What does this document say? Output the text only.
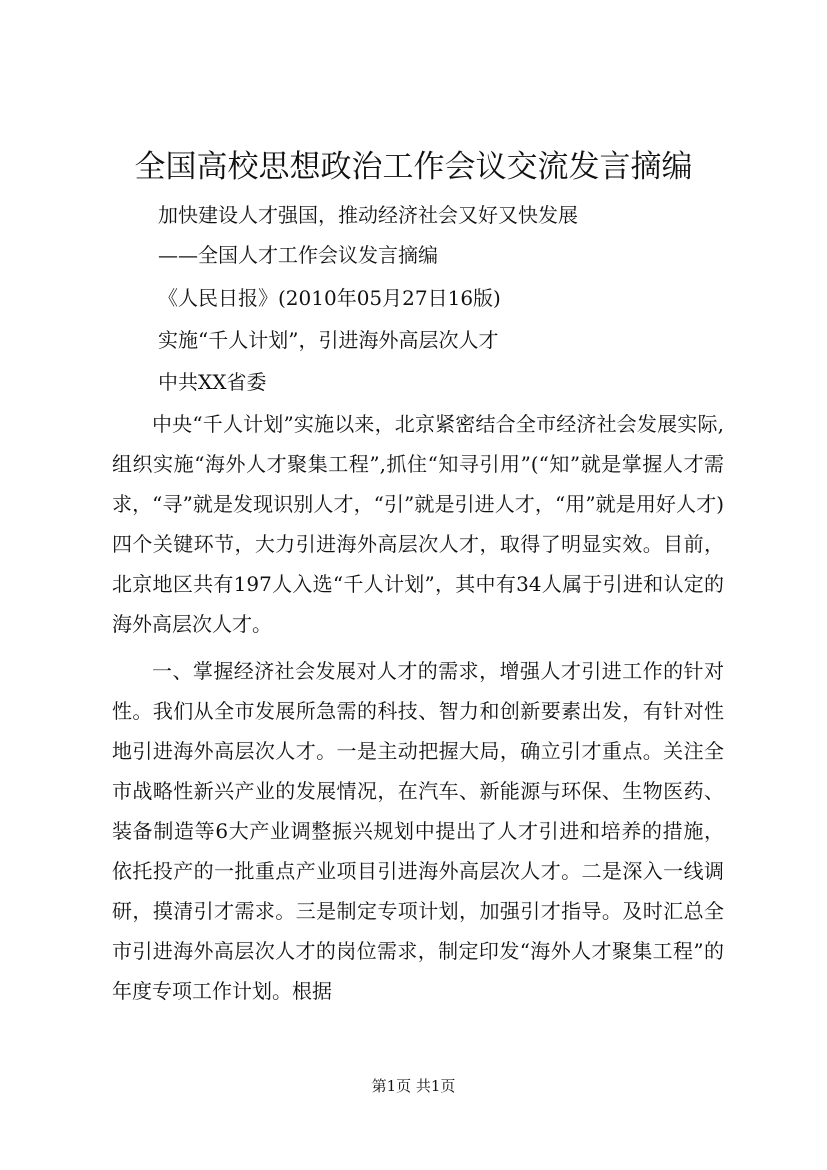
全国高校思想政治工作会议交流发言摘编

加快建设人才强国，推动经济社会又好又快发展

——全国人才工作会议发言摘编

《人民日报》(2010年05月27日16版)

实施“千人计划”，引进海外高层次人才

中共XX省委

中央“千人计划”实施以来，北京紧密结合全市经济社会发展实际,组织实施“海外人才聚集工程”,抓住“知寻引用”(“知”就是掌握人才需求，“寻”就是发现识别人才，“引”就是引进人才，“用”就是用好人才)四个关键环节，大力引进海外高层次人才，取得了明显实效。目前，北京地区共有197人入选“千人计划”，其中有34人属于引进和认定的海外高层次人才。

一、掌握经济社会发展对人才的需求，增强人才引进工作的针对性。我们从全市发展所急需的科技、智力和创新要素出发，有针对性地引进海外高层次人才。一是主动把握大局，确立引才重点。关注全市战略性新兴产业的发展情况，在汽车、新能源与环保、生物医药、装备制造等6大产业调整振兴规划中提出了人才引进和培养的措施，依托投产的一批重点产业项目引进海外高层次人才。二是深入一线调研，摸清引才需求。三是制定专项计划，加强引才指导。及时汇总全市引进海外高层次人才的岗位需求，制定印发“海外人才聚集工程”的年度专项工作计划。根据

第1页 共1页
